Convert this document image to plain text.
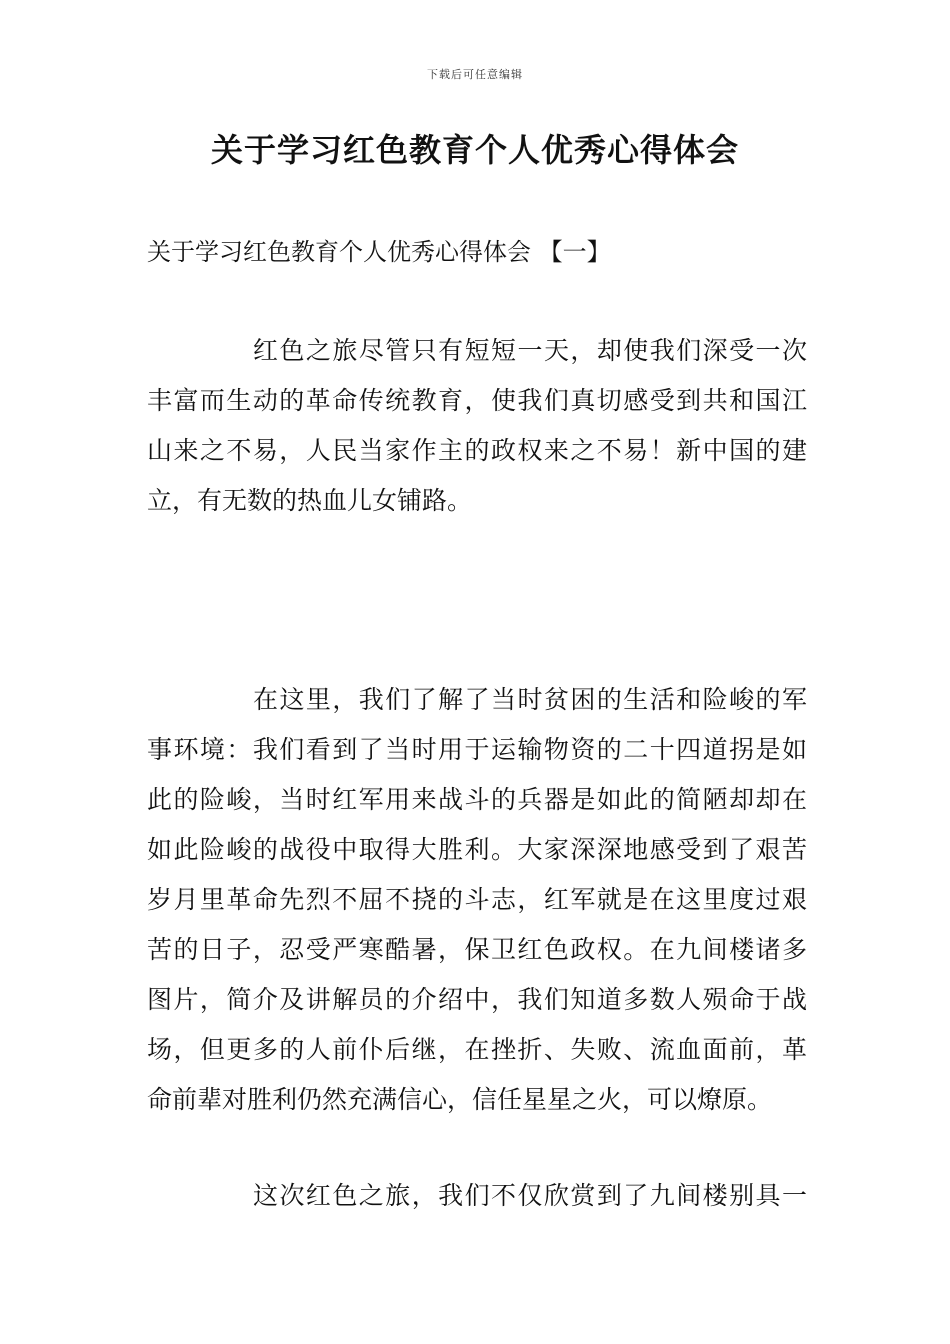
下载后可任意编辑
关于学习红色教育个人优秀心得体会
关于学习红色教育个人优秀心得体会 【一】
红色之旅尽管只有短短一天，却使我们深受一次
丰富而生动的革命传统教育，使我们真切感受到共和国江
山来之不易，人民当家作主的政权来之不易！新中国的建
立，有无数的热血儿女铺路。
在这里，我们了解了当时贫困的生活和险峻的军
事环境：我们看到了当时用于运输物资的二十四道拐是如
此的险峻，当时红军用来战斗的兵器是如此的简陋却却在
如此险峻的战役中取得大胜利。大家深深地感受到了艰苦
岁月里革命先烈不屈不挠的斗志，红军就是在这里度过艰
苦的日子，忍受严寒酷暑，保卫红色政权。在九间楼诸多
图片，简介及讲解员的介绍中，我们知道多数人殒命于战
场，但更多的人前仆后继，在挫折、失败、流血面前，革
命前辈对胜利仍然充满信心，信任星星之火，可以燎原。
这次红色之旅，我们不仅欣赏到了九间楼别具一
